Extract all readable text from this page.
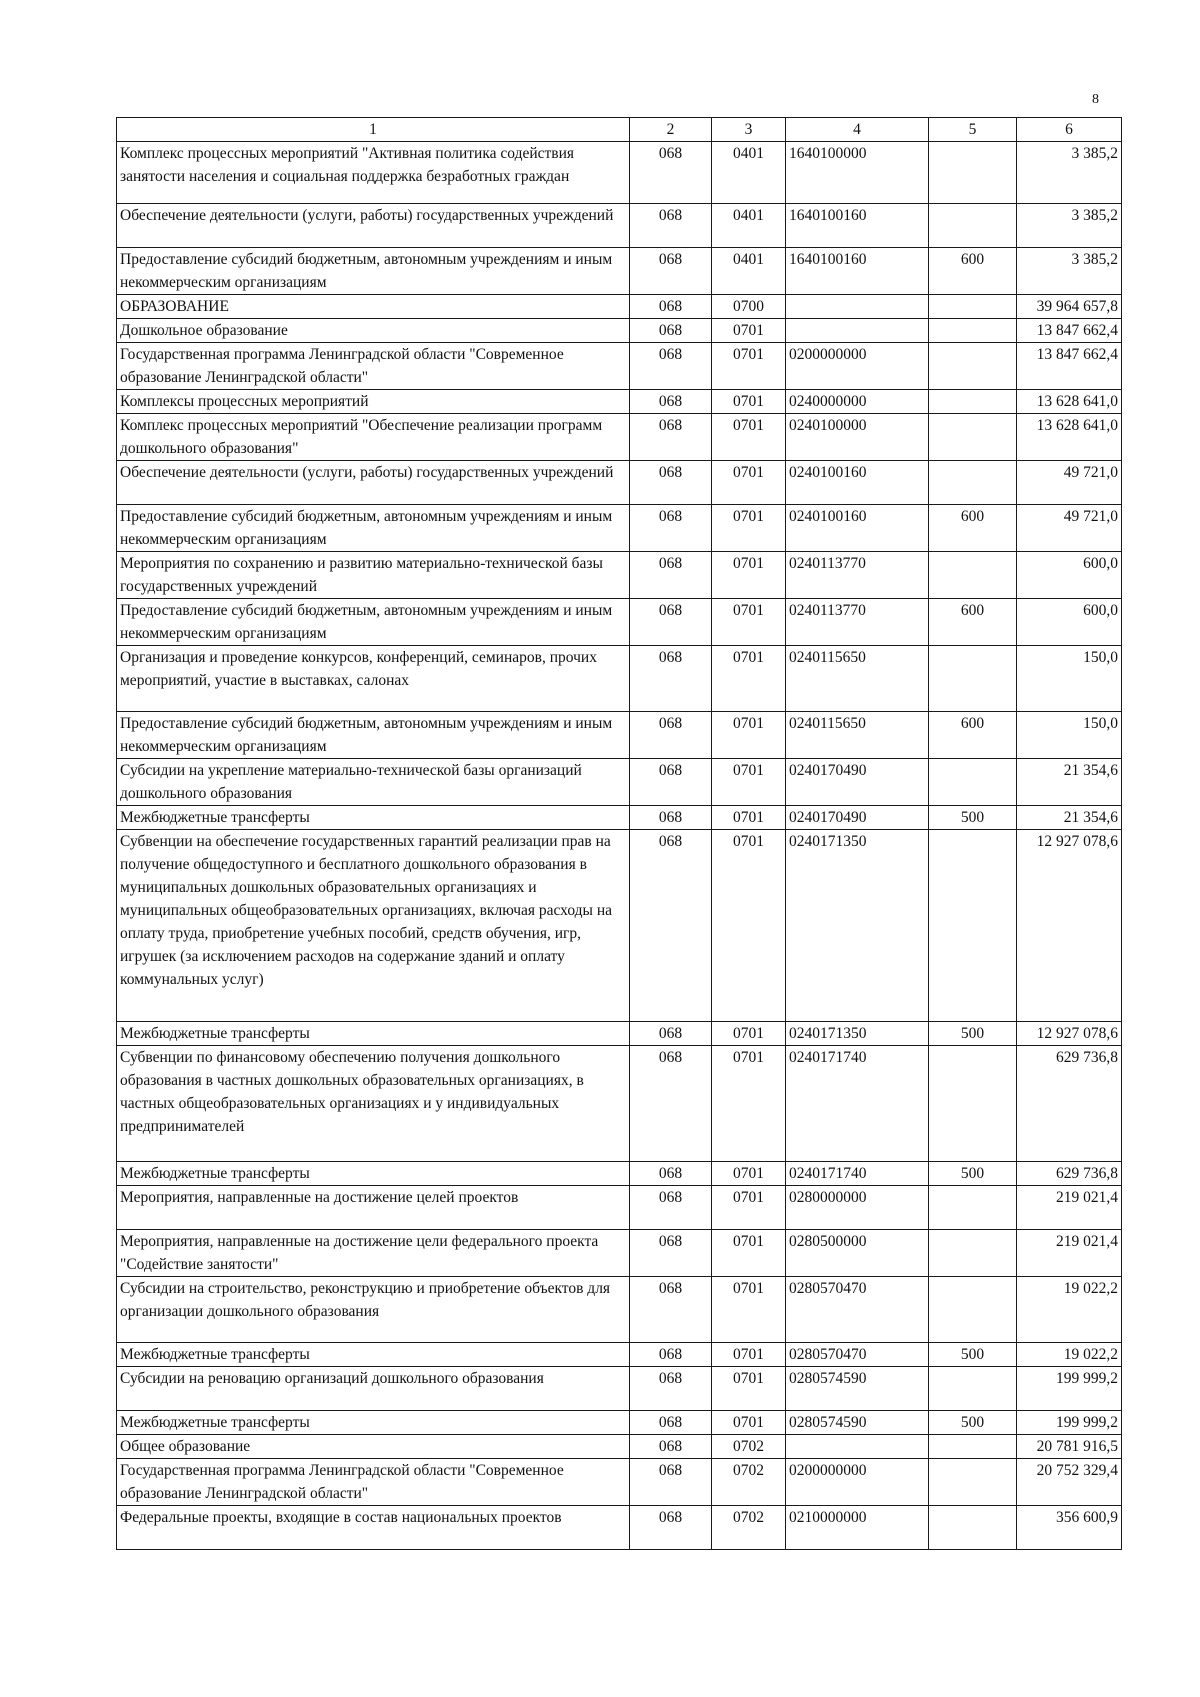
8
1	2	3	4	5	6
Комплекс процессных мероприятий "Активная политика содействия занятости населения и социальная поддержка безработных граждан	068	0401	1640100000		3 385,2
Обеспечение деятельности (услуги, работы) государственных учреждений	068	0401	1640100160		3 385,2
Предоставление субсидий бюджетным, автономным учреждениям и иным некоммерческим организациям	068	0401	1640100160	600	3 385,2
ОБРАЗОВАНИЕ	068	0700			39 964 657,8
Дошкольное образование	068	0701			13 847 662,4
Государственная программа Ленинградской области "Современное образование Ленинградской области"	068	0701	0200000000		13 847 662,4
Комплексы процессных мероприятий	068	0701	0240000000		13 628 641,0
Комплекс процессных мероприятий "Обеспечение реализации программ дошкольного образования"	068	0701	0240100000		13 628 641,0
Обеспечение деятельности (услуги, работы) государственных учреждений	068	0701	0240100160		49 721,0
Предоставление субсидий бюджетным, автономным учреждениям и иным некоммерческим организациям	068	0701	0240100160	600	49 721,0
Мероприятия по сохранению и развитию материально-технической базы государственных учреждений	068	0701	0240113770		600,0
Предоставление субсидий бюджетным, автономным учреждениям и иным некоммерческим организациям	068	0701	0240113770	600	600,0
Организация и проведение конкурсов, конференций, семинаров, прочих мероприятий, участие в выставках, салонах	068	0701	0240115650		150,0
Предоставление субсидий бюджетным, автономным учреждениям и иным некоммерческим организациям	068	0701	0240115650	600	150,0
Субсидии на укрепление материально-технической базы организаций дошкольного образования	068	0701	0240170490		21 354,6
Межбюджетные трансферты	068	0701	0240170490	500	21 354,6
Субвенции на обеспечение государственных гарантий реализации прав на получение общедоступного и бесплатного дошкольного образования в муниципальных дошкольных образовательных организациях и муниципальных общеобразовательных организациях, включая расходы на оплату труда, приобретение учебных пособий, средств обучения, игр, игрушек (за исключением расходов на содержание зданий и оплату коммунальных услуг)	068	0701	0240171350		12 927 078,6
Межбюджетные трансферты	068	0701	0240171350	500	12 927 078,6
Субвенции по финансовому обеспечению получения дошкольного образования в частных дошкольных образовательных организациях, в частных общеобразовательных организациях и у индивидуальных предпринимателей	068	0701	0240171740		629 736,8
Межбюджетные трансферты	068	0701	0240171740	500	629 736,8
Мероприятия, направленные на достижение целей проектов	068	0701	0280000000		219 021,4
Мероприятия, направленные на достижение цели федерального проекта "Содействие занятости"	068	0701	0280500000		219 021,4
Субсидии на строительство, реконструкцию и приобретение объектов для организации дошкольного образования	068	0701	0280570470		19 022,2
Межбюджетные трансферты	068	0701	0280570470	500	19 022,2
Субсидии на реновацию организаций дошкольного образования	068	0701	0280574590		199 999,2
Межбюджетные трансферты	068	0701	0280574590	500	199 999,2
Общее образование	068	0702			20 781 916,5
Государственная программа Ленинградской области "Современное образование Ленинградской области"	068	0702	0200000000		20 752 329,4
Федеральные проекты, входящие в состав национальных проектов	068	0702	0210000000		356 600,9
